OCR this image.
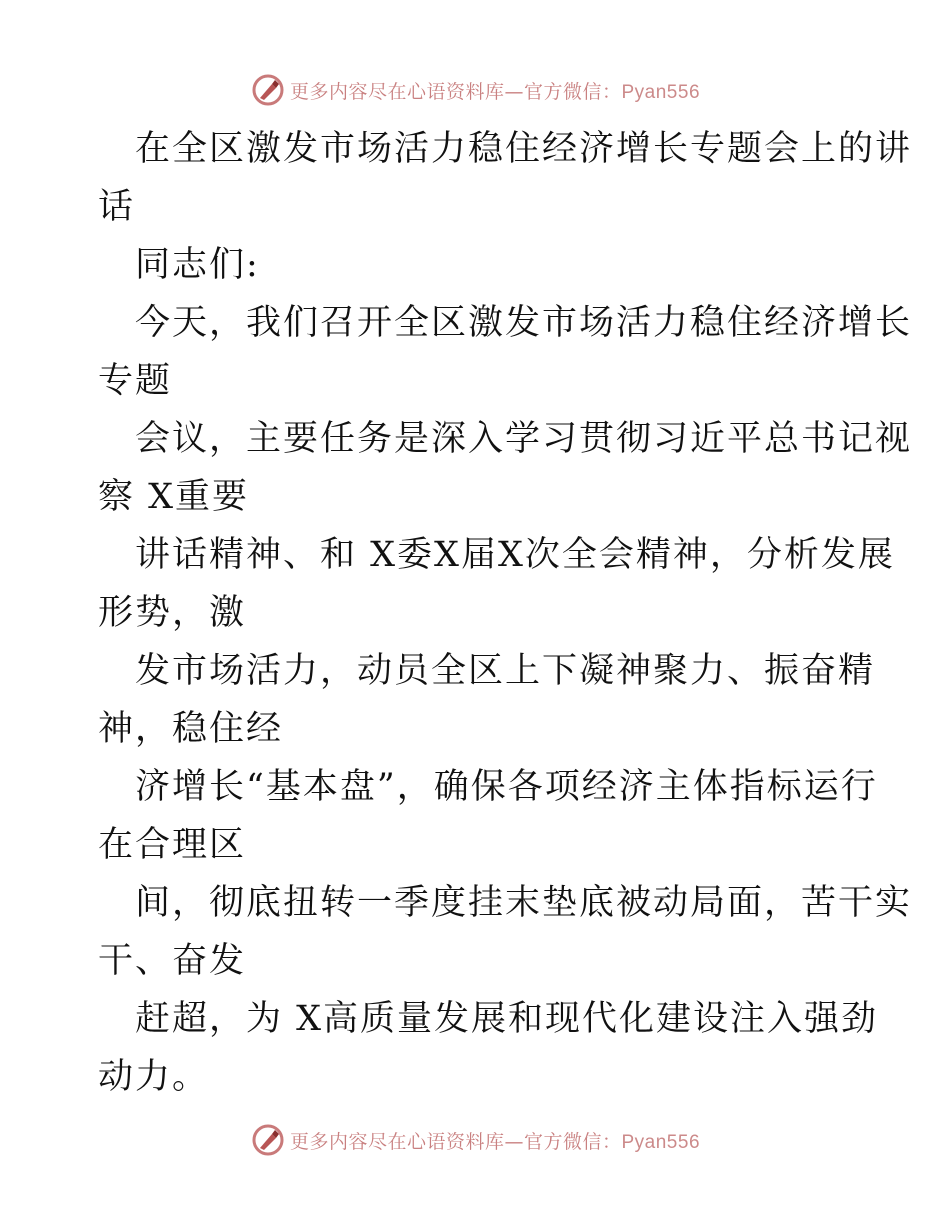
更多内容尽在心语资料库—官方微信：Pyan556
在全区激发市场活力稳住经济增长专题会上的讲
话
同志们:
今天，我们召开全区激发市场活力稳住经济增长
专题
会议，主要任务是深入学习贯彻习近平总书记视
察 X重要
讲话精神、和 X委X届X次全会精神，分析发展
形势，激
发市场活力，动员全区上下凝神聚力、振奋精
神，稳住经
济增长“基本盘”，确保各项经济主体指标运行
在合理区
间，彻底扭转一季度挂末垫底被动局面，苦干实
干、奋发
赶超，为 X高质量发展和现代化建设注入强劲
动力。
更多内容尽在心语资料库—官方微信：Pyan556
